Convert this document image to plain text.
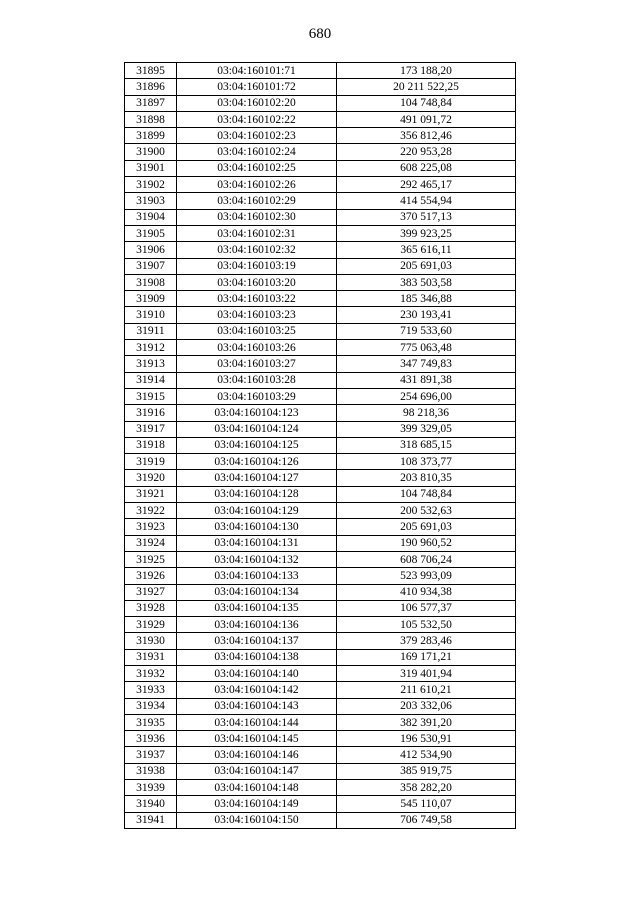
680
31895	03:04:160101:71	173 188,20
31896	03:04:160101:72	20 211 522,25
31897	03:04:160102:20	104 748,84
31898	03:04:160102:22	491 091,72
31899	03:04:160102:23	356 812,46
31900	03:04:160102:24	220 953,28
31901	03:04:160102:25	608 225,08
31902	03:04:160102:26	292 465,17
31903	03:04:160102:29	414 554,94
31904	03:04:160102:30	370 517,13
31905	03:04:160102:31	399 923,25
31906	03:04:160102:32	365 616,11
31907	03:04:160103:19	205 691,03
31908	03:04:160103:20	383 503,58
31909	03:04:160103:22	185 346,88
31910	03:04:160103:23	230 193,41
31911	03:04:160103:25	719 533,60
31912	03:04:160103:26	775 063,48
31913	03:04:160103:27	347 749,83
31914	03:04:160103:28	431 891,38
31915	03:04:160103:29	254 696,00
31916	03:04:160104:123	98 218,36
31917	03:04:160104:124	399 329,05
31918	03:04:160104:125	318 685,15
31919	03:04:160104:126	108 373,77
31920	03:04:160104:127	203 810,35
31921	03:04:160104:128	104 748,84
31922	03:04:160104:129	200 532,63
31923	03:04:160104:130	205 691,03
31924	03:04:160104:131	190 960,52
31925	03:04:160104:132	608 706,24
31926	03:04:160104:133	523 993,09
31927	03:04:160104:134	410 934,38
31928	03:04:160104:135	106 577,37
31929	03:04:160104:136	105 532,50
31930	03:04:160104:137	379 283,46
31931	03:04:160104:138	169 171,21
31932	03:04:160104:140	319 401,94
31933	03:04:160104:142	211 610,21
31934	03:04:160104:143	203 332,06
31935	03:04:160104:144	382 391,20
31936	03:04:160104:145	196 530,91
31937	03:04:160104:146	412 534,90
31938	03:04:160104:147	385 919,75
31939	03:04:160104:148	358 282,20
31940	03:04:160104:149	545 110,07
31941	03:04:160104:150	706 749,58
